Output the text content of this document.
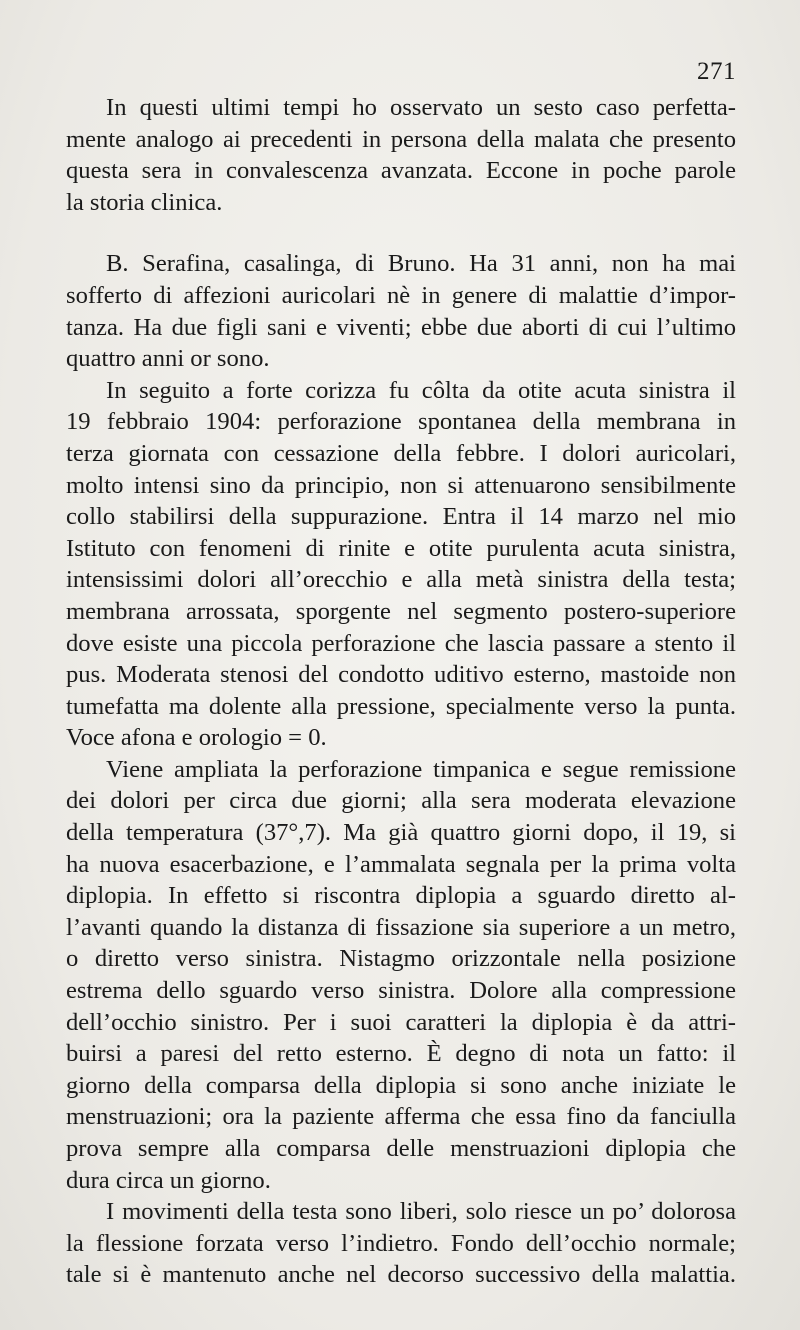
271

In questi ultimi tempi ho osservato un sesto caso perfetta-
mente analogo ai precedenti in persona della malata che presento
questa sera in convalescenza avanzata. Eccone in poche parole
la storia clinica.

B. Serafina, casalinga, di Bruno. Ha 31 anni, non ha mai
sofferto di affezioni auricolari nè in genere di malattie d’impor-
tanza. Ha due figli sani e viventi; ebbe due aborti di cui l’ultimo
quattro anni or sono.

In seguito a forte corizza fu côlta da otite acuta sinistra il
19 febbraio 1904: perforazione spontanea della membrana in
terza giornata con cessazione della febbre. I dolori auricolari,
molto intensi sino da principio, non si attenuarono sensibilmente
collo stabilirsi della suppurazione. Entra il 14 marzo nel mio
Istituto con fenomeni di rinite e otite purulenta acuta sinistra,
intensissimi dolori all’orecchio e alla metà sinistra della testa;
membrana arrossata, sporgente nel segmento postero-superiore
dove esiste una piccola perforazione che lascia passare a stento il
pus. Moderata stenosi del condotto uditivo esterno, mastoide non
tumefatta ma dolente alla pressione, specialmente verso la punta.
Voce afona e orologio = 0.

Viene ampliata la perforazione timpanica e segue remissione
dei dolori per circa due giorni; alla sera moderata elevazione
della temperatura (37°,7). Ma già quattro giorni dopo, il 19, si
ha nuova esacerbazione, e l’ammalata segnala per la prima volta
diplopia. In effetto si riscontra diplopia a sguardo diretto al-
l’avanti quando la distanza di fissazione sia superiore a un metro,
o diretto verso sinistra. Nistagmo orizzontale nella posizione
estrema dello sguardo verso sinistra. Dolore alla compressione
dell’occhio sinistro. Per i suoi caratteri la diplopia è da attri-
buirsi a paresi del retto esterno. È degno di nota un fatto: il
giorno della comparsa della diplopia si sono anche iniziate le
menstruazioni; ora la paziente afferma che essa fino da fanciulla
prova sempre alla comparsa delle menstruazioni diplopia che
dura circa un giorno.

I movimenti della testa sono liberi, solo riesce un po’ dolorosa
la flessione forzata verso l’indietro. Fondo dell’occhio normale;
tale si è mantenuto anche nel decorso successivo della malattia.
